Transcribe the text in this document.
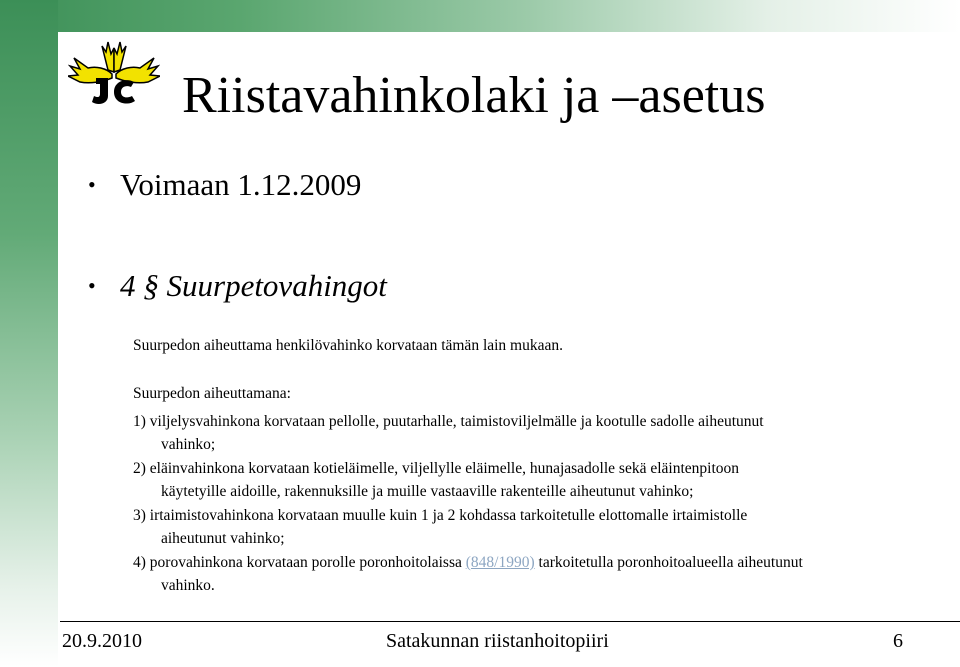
Riistavahinkolaki ja –asetus
• Voimaan 1.12.2009
• 4 § Suurpetovahingot
Suurpedon aiheuttama henkilövahinko korvataan tämän lain mukaan.
Suurpedon aiheuttamana:
1) viljelysvahinkona korvataan pellolle, puutarhalle, taimistoviljelmälle ja kootulle sadolle aiheutunut
vahinko;
2) eläinvahinkona korvataan kotieläimelle, viljellylle eläimelle, hunajasadolle sekä eläintenpitoon
käytetyille aidoille, rakennuksille ja muille vastaaville rakenteille aiheutunut vahinko;
3) irtaimistovahinkona korvataan muulle kuin 1 ja 2 kohdassa tarkoitetulle elottomalle irtaimistolle
aiheutunut vahinko;
4) porovahinkona korvataan porolle poronhoitolaissa (848/1990) tarkoitetulla poronhoitoalueella aiheutunut
vahinko.
20.9.2010	Satakunnan riistanhoitopiiri	6
